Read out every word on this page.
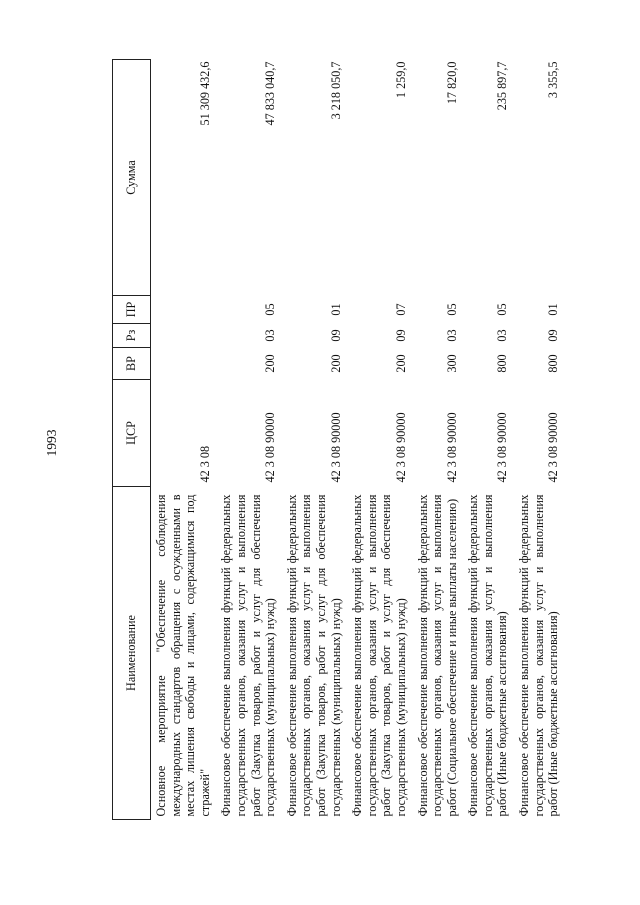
1993
Наименование	ЦСР	ВР	Рз	ПР	Сумма
Основное мероприятие "Обеспечение соблюдения международных стандартов обращения с осужденными в местах лишения свободы и лицами, содержащимися под стражей"	42 3 08				51 309 432,6
Финансовое обеспечение выполнения функций федеральных государственных органов, оказания услуг и выполнения работ (Закупка товаров, работ и услуг для обеспечения государственных (муниципальных) нужд)	42 3 08 90000	200	03	05	47 833 040,7
Финансовое обеспечение выполнения функций федеральных государственных органов, оказания услуг и выполнения работ (Закупка товаров, работ и услуг для обеспечения государственных (муниципальных) нужд)	42 3 08 90000	200	09	01	3 218 050,7
Финансовое обеспечение выполнения функций федеральных государственных органов, оказания услуг и выполнения работ (Закупка товаров, работ и услуг для обеспечения государственных (муниципальных) нужд)	42 3 08 90000	200	09	07	1 259,0
Финансовое обеспечение выполнения функций федеральных государственных органов, оказания услуг и выполнения работ (Социальное обеспечение и иные выплаты населению)	42 3 08 90000	300	03	05	17 820,0
Финансовое обеспечение выполнения функций федеральных государственных органов, оказания услуг и выполнения работ (Иные бюджетные ассигнования)	42 3 08 90000	800	03	05	235 897,7
Финансовое обеспечение выполнения функций федеральных государственных органов, оказания услуг и выполнения работ (Иные бюджетные ассигнования)	42 3 08 90000	800	09	01	3 355,5
